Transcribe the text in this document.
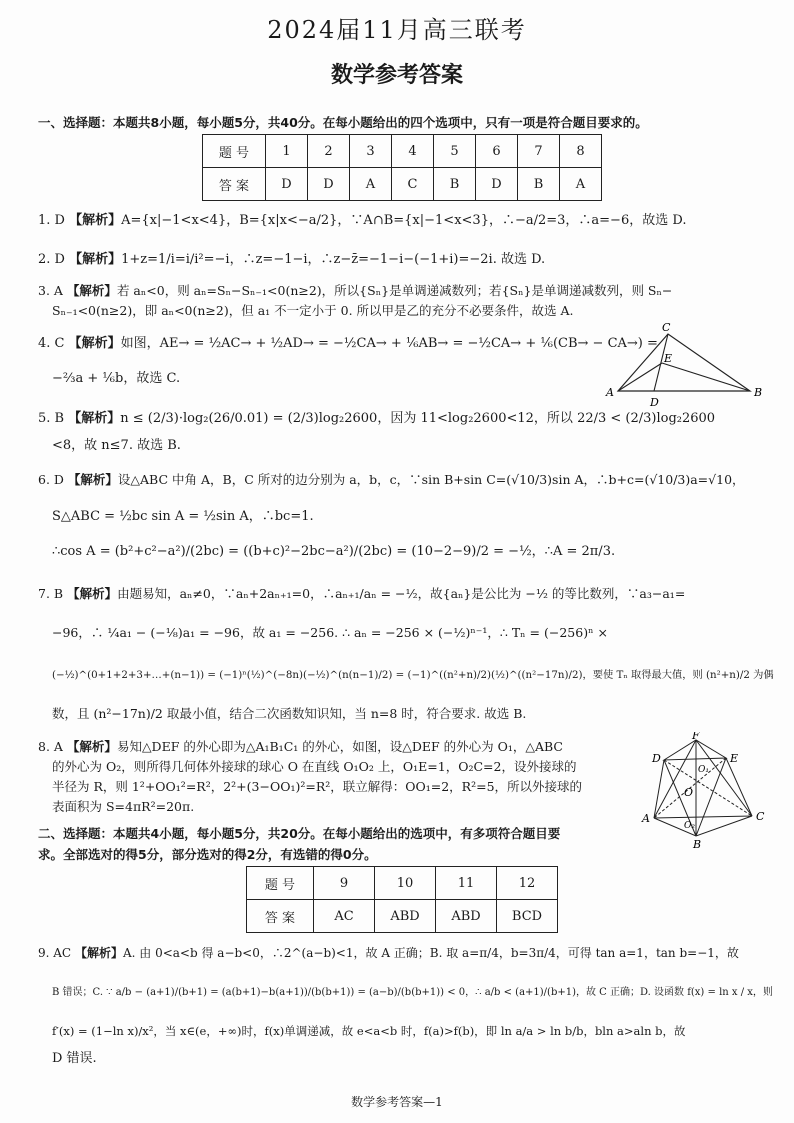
2024届11月高三联考
数学参考答案
一、选择题：本题共8小题，每小题5分，共40分。在每小题给出的四个选项中，只有一项是符合题目要求的。
题 号	1	2	3	4	5	6	7	8
答 案	D	D	A	C	B	D	B	A
1. D 【解析】A={x|−1<x<4}，B={x|x<−a/2}，∵A∩B={x|−1<x<3}，∴−a/2=3，∴a=−6，故选 D.
2. D 【解析】1+z=1/i=i/i²=−i，∴z=−1−i，∴z−z̄=−1−i−(−1+i)=−2i. 故选 D.
3. A 【解析】若 aₙ<0，则 aₙ=Sₙ−Sₙ₋₁<0(n≥2)，所以{Sₙ}是单调递减数列；若{Sₙ}是单调递减数列，则 Sₙ−
Sₙ₋₁<0(n≥2)，即 aₙ<0(n≥2)，但 a₁ 不一定小于 0. 所以甲是乙的充分不必要条件，故选 A.
4. C 【解析】如图，AE→ = ½AC→ + ½AD→ = −½CA→ + ⅙AB→ = −½CA→ + ⅙(CB→ − CA→) =
−⅔a + ⅙b，故选 C.
A	B
C
D
E
5. B 【解析】n ≤ (2/3)·log₂(26/0.01) = (2/3)log₂2600，因为 11<log₂2600<12，所以 22/3 < (2/3)log₂2600
<8，故 n≤7. 故选 B.
6. D 【解析】设△ABC 中角 A，B，C 所对的边分别为 a，b，c，∵sin B+sin C=(√10/3)sin A，∴b+c=(√10/3)a=√10，
S△ABC = ½bc sin A = ½sin A，∴bc=1.
∴cos A = (b²+c²−a²)/(2bc) = ((b+c)²−2bc−a²)/(2bc) = (10−2−9)/2 = −½，∴A = 2π/3.
7. B 【解析】由题易知，aₙ≠0，∵aₙ+2aₙ₊₁=0，∴aₙ₊₁/aₙ = −½，故{aₙ}是公比为 −½ 的等比数列，∵a₃−a₁=
−96，∴ ¼a₁ − (−⅛)a₁ = −96，故 a₁ = −256. ∴ aₙ = −256 × (−½)ⁿ⁻¹，∴ Tₙ = (−256)ⁿ ×
(−½)^(0+1+2+3+…+(n−1)) = (−1)ⁿ(½)^(−8n)(−½)^(n(n−1)/2) = (−1)^((n²+n)/2)(½)^((n²−17n)/2)，要使 Tₙ 取得最大值，则 (n²+n)/2 为偶
数，且 (n²−17n)/2 取最小值，结合二次函数知识知，当 n=8 时，符合要求. 故选 B.
8. A 【解析】易知△DEF 的外心即为△A₁B₁C₁ 的外心，如图，设△DEF 的外心为 O₁，△ABC
的外心为 O₂，则所得几何体外接球的球心 O 在直线 O₁O₂ 上，O₁E=1，O₂C=2，设外接球的
半径为 R，则 1²+OO₁²=R²，2²+(3−OO₁)²=R²，联立解得：OO₁=2，R²=5，所以外接球的
表面积为 S=4πR²=20π.
A
B
C
D	E
F
O
O₁
O₂
二、选择题：本题共4小题，每小题5分，共20分。在每小题给出的选项中，有多项符合题目要
求。全部选对的得5分，部分选对的得2分，有选错的得0分。
题 号	9	10	11	12
答 案	AC	ABD	ABD	BCD
9. AC 【解析】A. 由 0<a<b 得 a−b<0，∴2^(a−b)<1，故 A 正确；B. 取 a=π/4，b=3π/4，可得 tan a=1，tan b=−1，故
B 错误；C. ∵ a/b − (a+1)/(b+1) = (a(b+1)−b(a+1))/(b(b+1)) = (a−b)/(b(b+1)) < 0，∴ a/b < (a+1)/(b+1)，故 C 正确；D. 设函数 f(x) = ln x / x，则
f′(x) = (1−ln x)/x²，当 x∈(e，+∞)时，f(x)单调递减，故 e<a<b 时，f(a)>f(b)，即 ln a/a > ln b/b，bln a>aln b，故
D 错误.
数学参考答案—1
